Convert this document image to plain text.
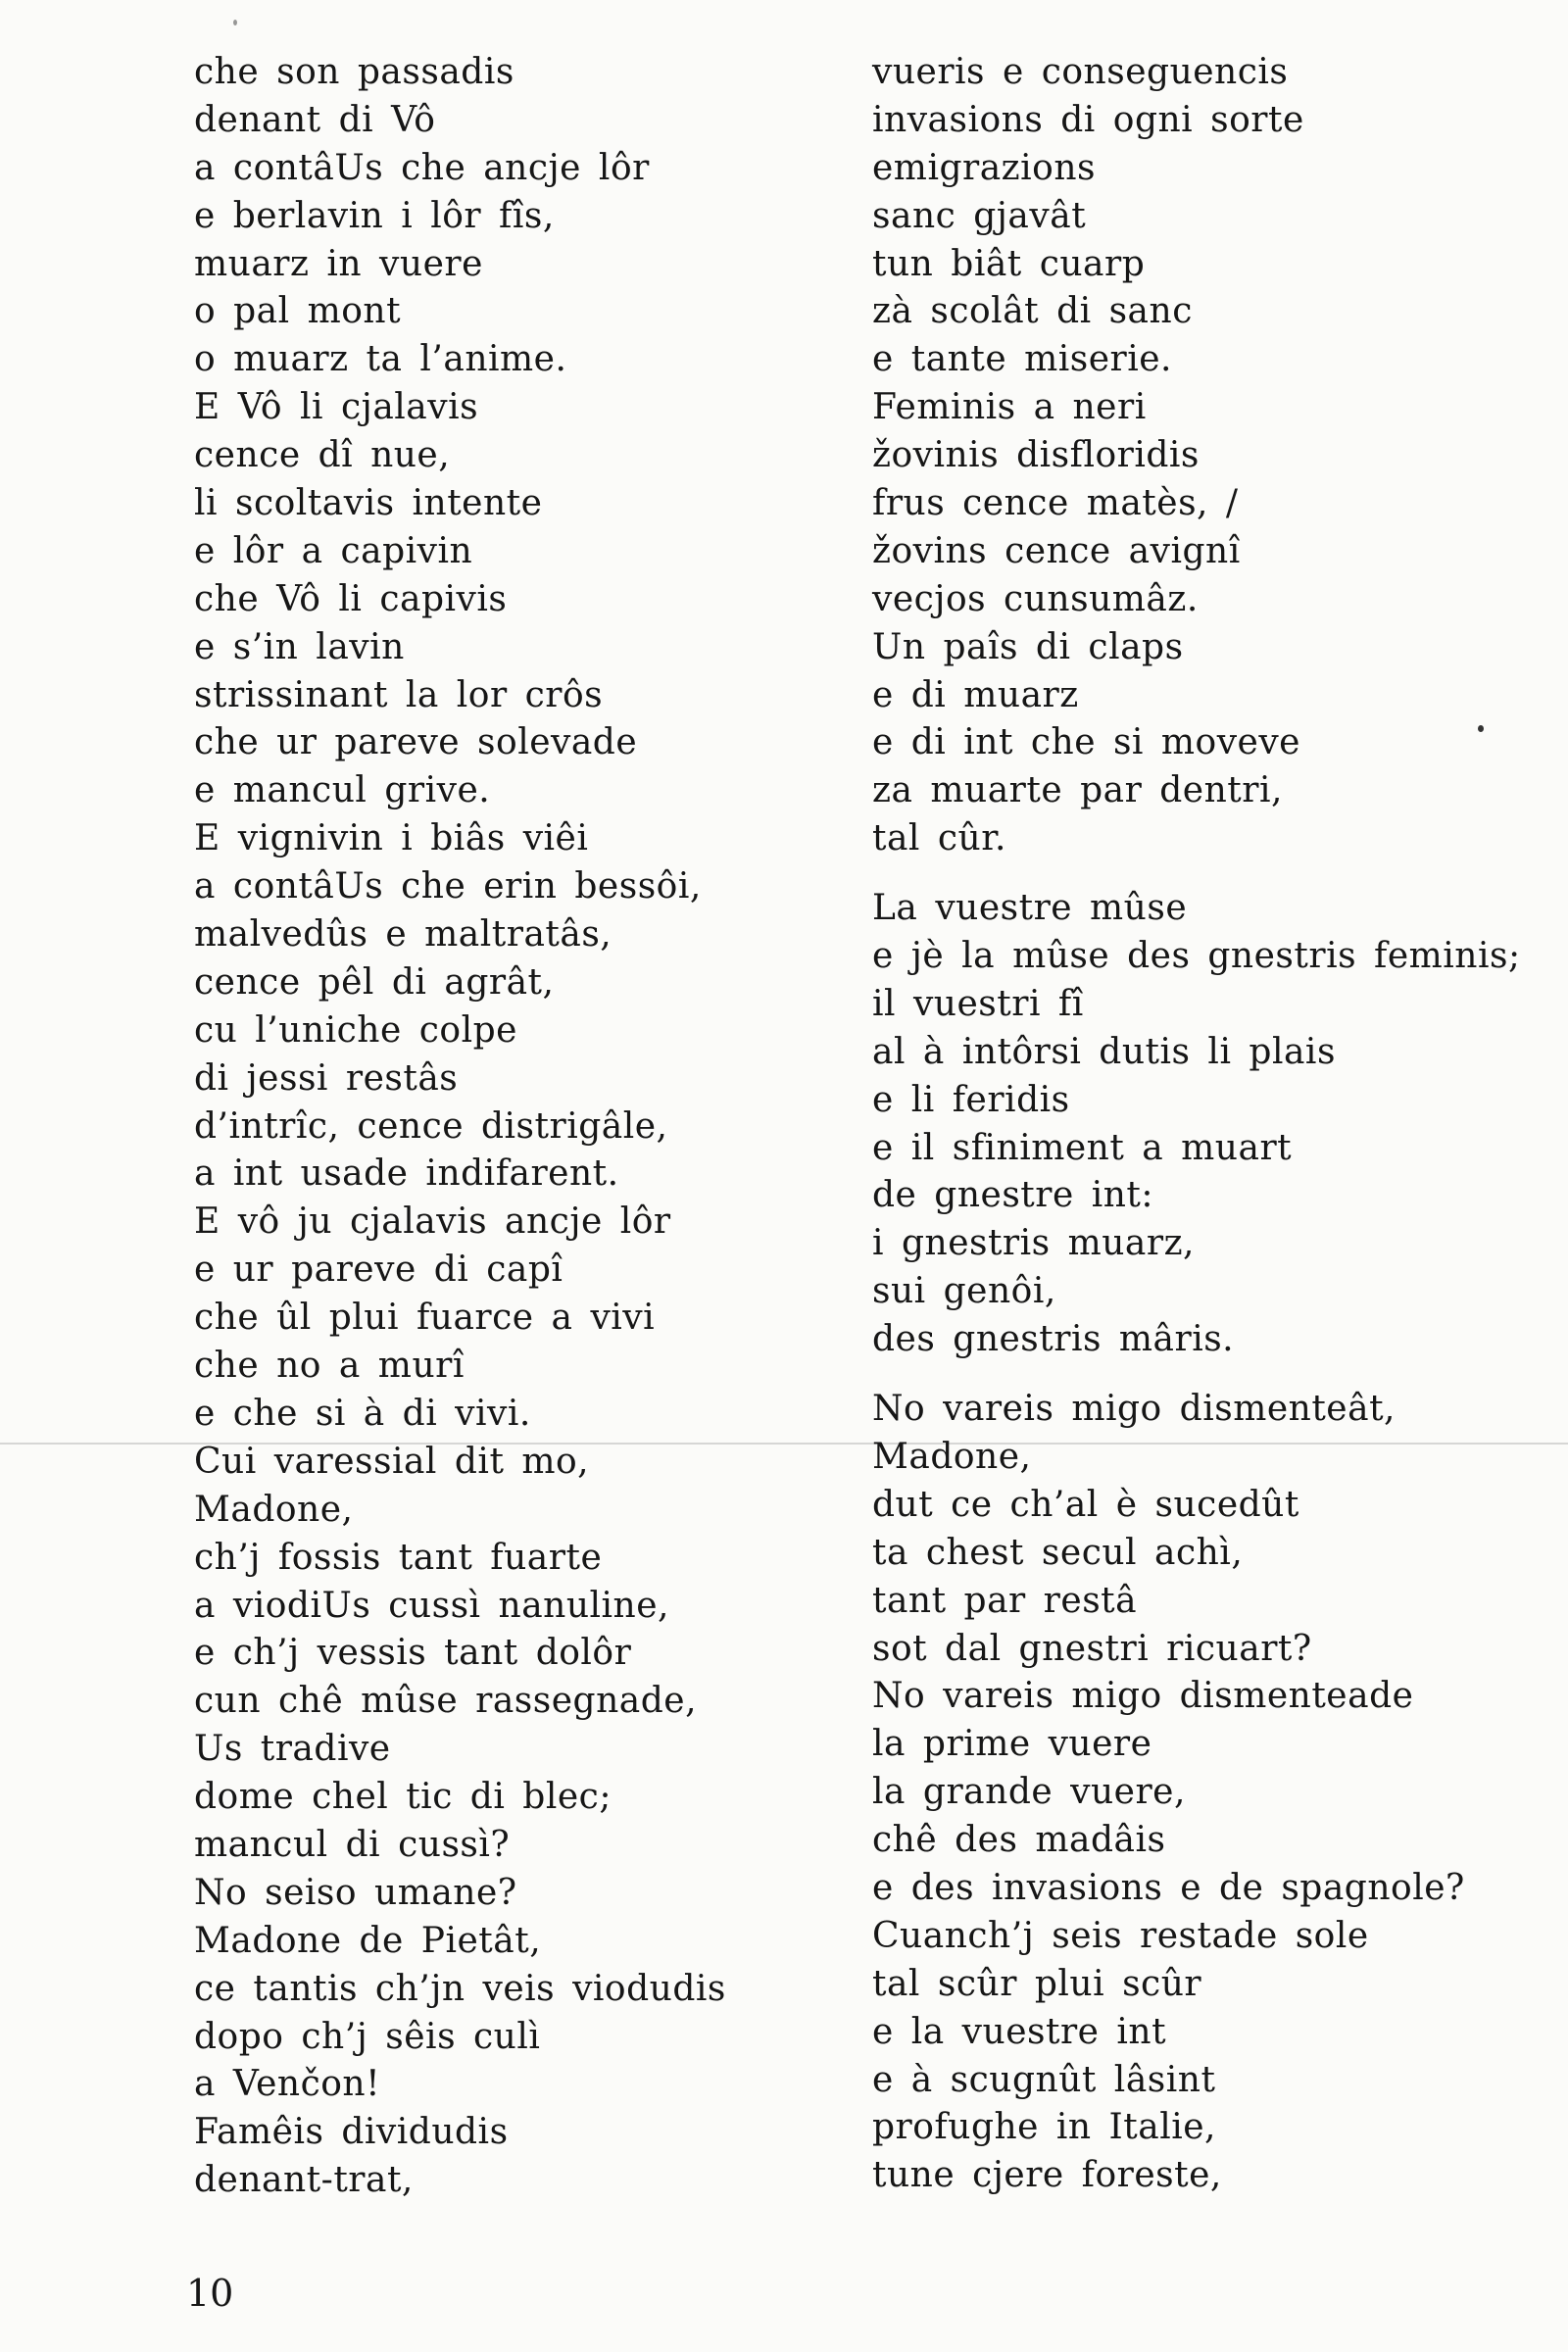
che son passadis
denant di Vô
a contâUs che ancje lôr
e berlavin i lôr fîs,
muarz in vuere
o pal mont
o muarz ta l’anime.
E Vô li cjalavis
cence dî nue,
li scoltavis intente
e lôr a capivin
che Vô li capivis
e s’in lavin
strissinant la lor crôs
che ur pareve solevade
e mancul grive.
E vignivin i biâs viêi
a contâUs che erin bessôi,
malvedûs e maltratâs,
cence pêl di agrât,
cu l’uniche colpe
di jessi restâs
d’intrîc, cence distrigâle,
a int usade indifarent.
E vô ju cjalavis ancje lôr
e ur pareve di capî
che ûl plui fuarce a vivi
che no a murî
e che si à di vivi.
Cui varessial dit mo,
Madone,
ch’j fossis tant fuarte
a viodiUs cussì nanuline,
e ch’j vessis tant dolôr
cun chê mûse rassegnade,
Us tradive
dome chel tic di blec;
mancul di cussì?
No seiso umane?
Madone de Pietât,
ce tantis ch’jn veis viodudis
dopo ch’j sêis culì
a Venčon!
Famêis dividudis
denant-trat,
vueris e conseguencis
invasions di ogni sorte
emigrazions
sanc gjavât
tun biât cuarp
zà scolât di sanc
e tante miserie.
Feminis a neri
žovinis disfloridis
frus cence matès, /
žovins cence avignî
vecjos cunsumâz.
Un paîs di claps
e di muarz
e di int che si moveve
za muarte par dentri,
tal cûr.
La vuestre mûse
e jè la mûse des gnestris feminis;
il vuestri fî
al à intôrsi dutis li plais
e li feridis
e il sfiniment a muart
de gnestre int:
i gnestris muarz,
sui genôi,
des gnestris mâris.
No vareis migo dismenteât,
Madone,
dut ce ch’al è sucedût
ta chest secul achì,
tant par restâ
sot dal gnestri ricuart?
No vareis migo dismenteade
la prime vuere
la grande vuere,
chê des madâis
e des invasions e de spagnole?
Cuanch’j seis restade sole
tal scûr plui scûr
e la vuestre int
e à scugnût lâsint
profughe in Italie,
tune cjere foreste,
10
